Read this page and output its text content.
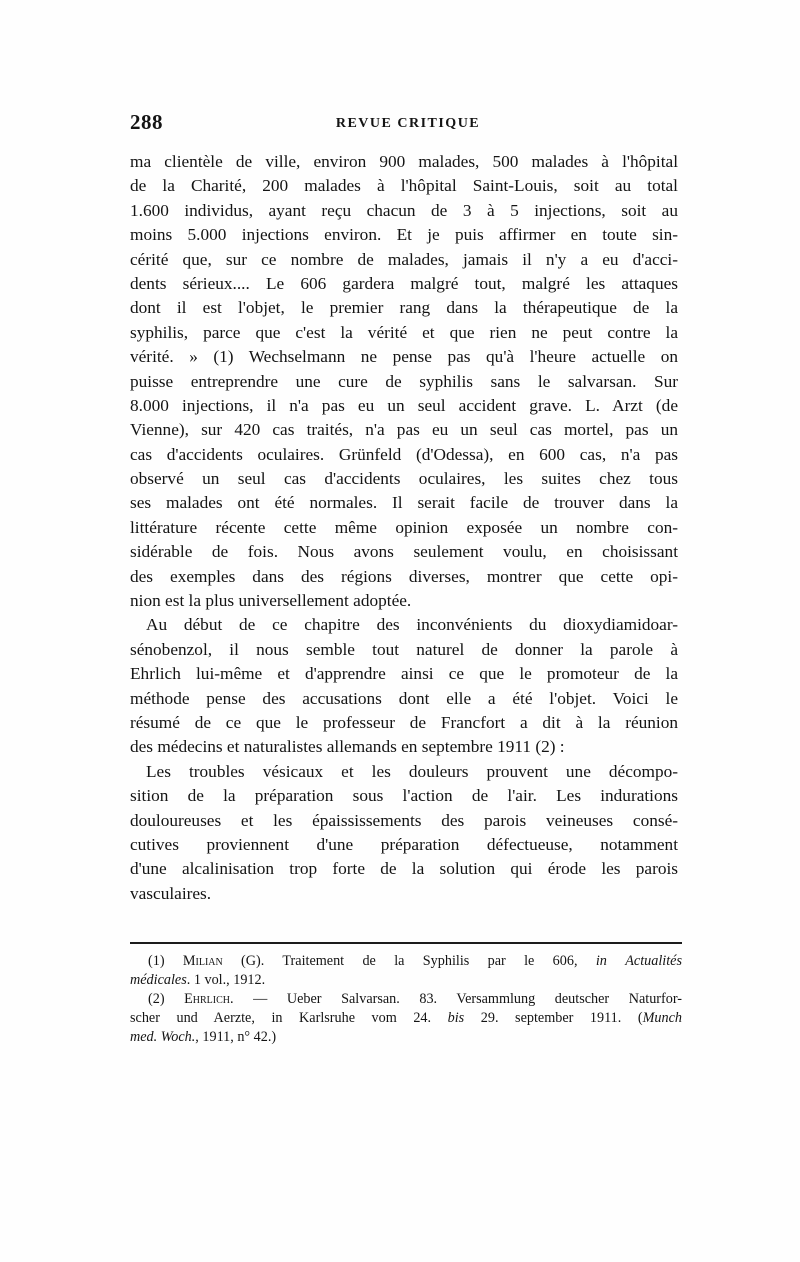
288	REVUE CRITIQUE
ma clientèle de ville, environ 900 malades, 500 malades à l'hôpital
de la Charité, 200 malades à l'hôpital Saint-Louis, soit au total
1.600 individus, ayant reçu chacun de 3 à 5 injections, soit au
moins 5.000 injections environ. Et je puis affirmer en toute sin-
cérité que, sur ce nombre de malades, jamais il n'y a eu d'acci-
dents sérieux.... Le 606 gardera malgré tout, malgré les attaques
dont il est l'objet, le premier rang dans la thérapeutique de la
syphilis, parce que c'est la vérité et que rien ne peut contre la
vérité. » (1) Wechselmann ne pense pas qu'à l'heure actuelle on
puisse entreprendre une cure de syphilis sans le salvarsan. Sur
8.000 injections, il n'a pas eu un seul accident grave. L. Arzt (de
Vienne), sur 420 cas traités, n'a pas eu un seul cas mortel, pas un
cas d'accidents oculaires. Grünfeld (d'Odessa), en 600 cas, n'a pas
observé un seul cas d'accidents oculaires, les suites chez tous
ses malades ont été normales. Il serait facile de trouver dans la
littérature récente cette même opinion exposée un nombre con-
sidérable de fois. Nous avons seulement voulu, en choisissant
des exemples dans des régions diverses, montrer que cette opi-
nion est la plus universellement adoptée.
Au début de ce chapitre des inconvénients du dioxydiamidoar-
sénobenzol, il nous semble tout naturel de donner la parole à
Ehrlich lui-même et d'apprendre ainsi ce que le promoteur de la
méthode pense des accusations dont elle a été l'objet. Voici le
résumé de ce que le professeur de Francfort a dit à la réunion
des médecins et naturalistes allemands en septembre 1911 (2) :
Les troubles vésicaux et les douleurs prouvent une décompo-
sition de la préparation sous l'action de l'air. Les indurations
douloureuses et les épaississements des parois veineuses consé-
cutives proviennent d'une préparation défectueuse, notamment
d'une alcalinisation trop forte de la solution qui érode les parois
vasculaires.
(1) Milian (G). Traitement de la Syphilis par le 606, in Actualités
médicales. 1 vol., 1912.
(2) Ehrlich. — Ueber Salvarsan. 83. Versammlung deutscher Naturfor-
scher und Aerzte, in Karlsruhe vom 24. bis 29. september 1911. (Munch
med. Woch., 1911, n° 42.)
